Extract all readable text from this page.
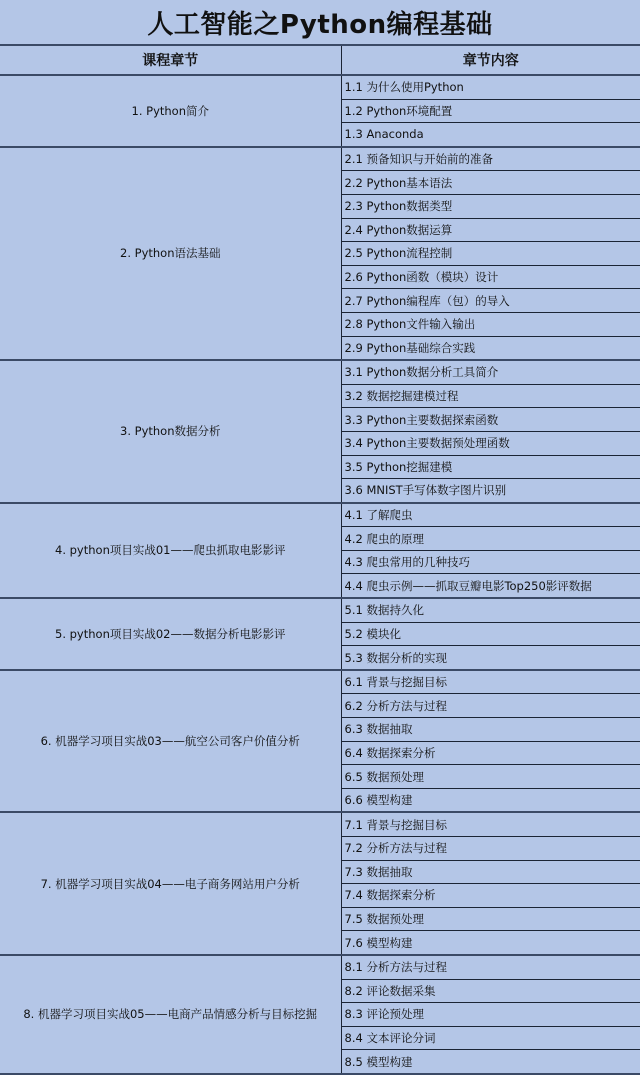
人工智能之Python编程基础
课程章节	章节内容
1. Python简介	1.1 为什么使用Python
	1.2 Python环境配置
	1.3 Anaconda
2. Python语法基础	2.1 预备知识与开始前的准备
	2.2 Python基本语法
	2.3 Python数据类型
	2.4 Python数据运算
	2.5 Python流程控制
	2.6 Python函数（模块）设计
	2.7 Python编程库（包）的导入
	2.8 Python文件输入输出
	2.9 Python基础综合实践
3. Python数据分析	3.1 Python数据分析工具简介
	3.2 数据挖掘建模过程
	3.3 Python主要数据探索函数
	3.4 Python主要数据预处理函数
	3.5 Python挖掘建模
	3.6 MNIST手写体数字图片识别
4. python项目实战01——爬虫抓取电影影评	4.1 了解爬虫
	4.2 爬虫的原理
	4.3 爬虫常用的几种技巧
	4.4 爬虫示例——抓取豆瓣电影Top250影评数据
5. python项目实战02——数据分析电影影评	5.1 数据持久化
	5.2 模块化
	5.3 数据分析的实现
6. 机器学习项目实战03——航空公司客户价值分析	6.1 背景与挖掘目标
	6.2 分析方法与过程
	6.3 数据抽取
	6.4 数据探索分析
	6.5 数据预处理
	6.6 模型构建
7. 机器学习项目实战04——电子商务网站用户分析	7.1 背景与挖掘目标
	7.2 分析方法与过程
	7.3 数据抽取
	7.4 数据探索分析
	7.5 数据预处理
	7.6 模型构建
8. 机器学习项目实战05——电商产品情感分析与目标挖掘	8.1 分析方法与过程
	8.2 评论数据采集
	8.3 评论预处理
	8.4 文本评论分词
	8.5 模型构建
